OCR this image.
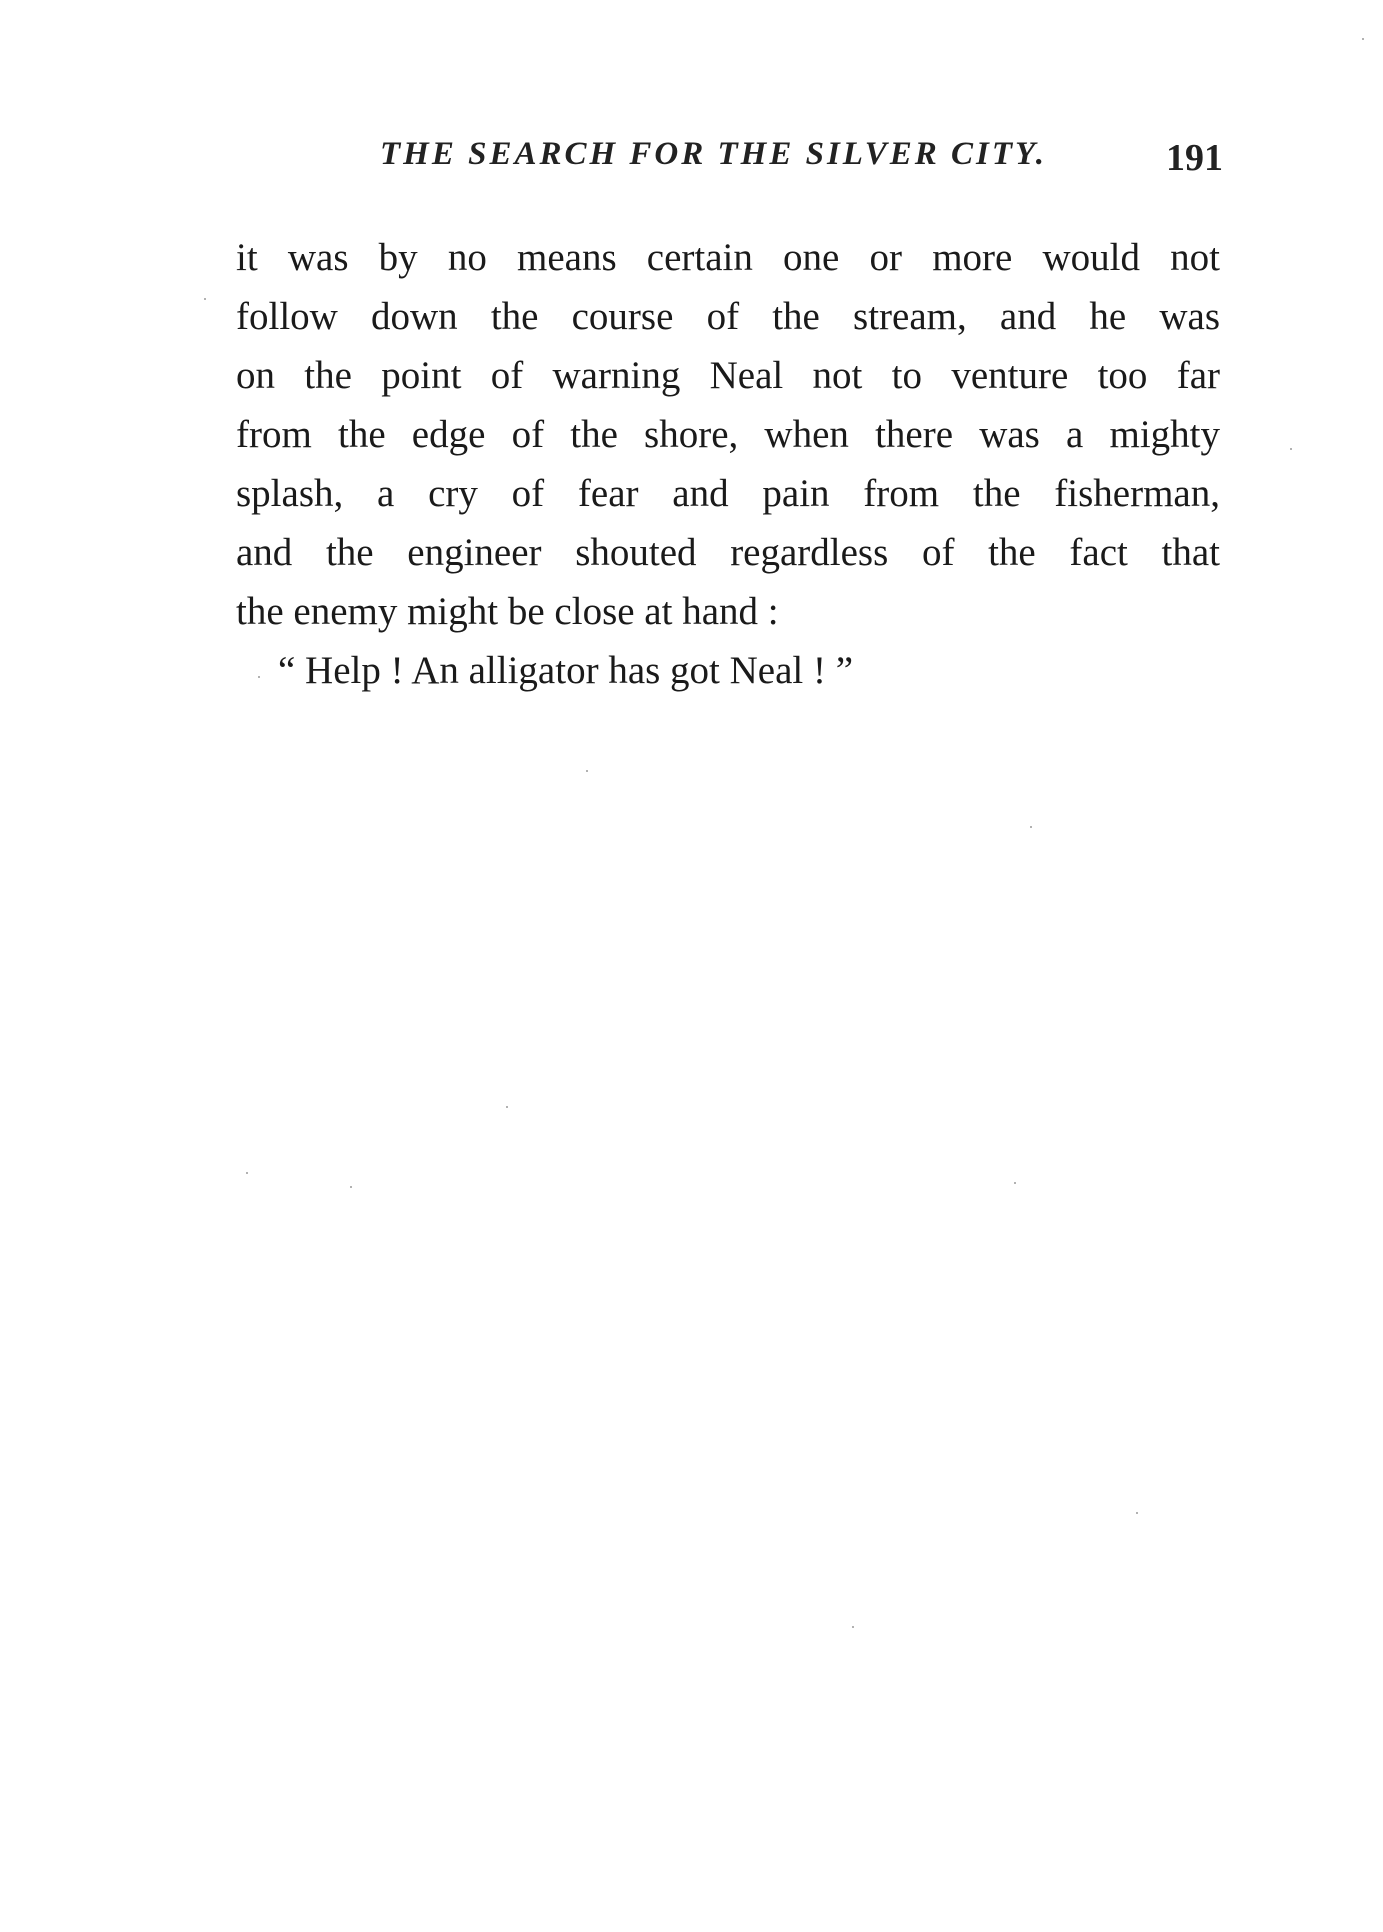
THE SEARCH FOR THE SILVER CITY.	191
it was by no means certain one or more would not
follow down the course of the stream, and he was
on the point of warning Neal not to venture too far
from the edge of the shore, when there was a mighty
splash, a cry of fear and pain from the fisherman,
and the engineer shouted regardless of the fact that
the enemy might be close at hand :
“ Help ! An alligator has got Neal ! ”
